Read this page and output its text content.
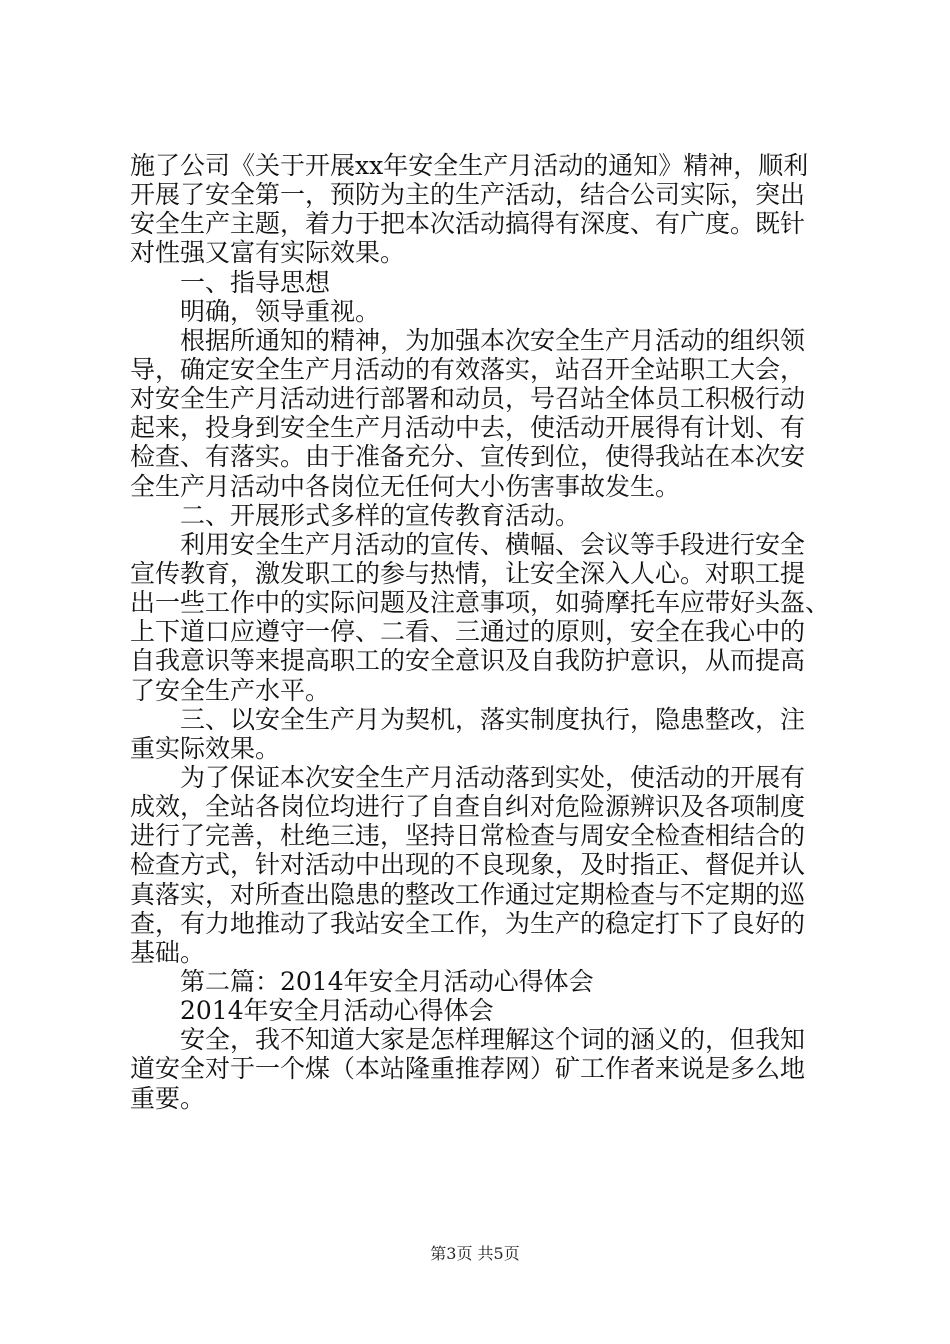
施了公司《关于开展xx年安全生产月活动的通知》精神，顺利
开展了安全第一，预防为主的生产活动，结合公司实际，突出
安全生产主题，着力于把本次活动搞得有深度、有广度。既针
对性强又富有实际效果。
一、指导思想
明确，领导重视。
根据所通知的精神，为加强本次安全生产月活动的组织领
导，确定安全生产月活动的有效落实，站召开全站职工大会，
对安全生产月活动进行部署和动员，号召站全体员工积极行动
起来，投身到安全生产月活动中去，使活动开展得有计划、有
检查、有落实。由于准备充分、宣传到位，使得我站在本次安
全生产月活动中各岗位无任何大小伤害事故发生。
二、开展形式多样的宣传教育活动。
利用安全生产月活动的宣传、横幅、会议等手段进行安全
宣传教育，激发职工的参与热情，让安全深入人心。对职工提
出一些工作中的实际问题及注意事项，如骑摩托车应带好头盔、
上下道口应遵守一停、二看、三通过的原则，安全在我心中的
自我意识等来提高职工的安全意识及自我防护意识，从而提高
了安全生产水平。
三、以安全生产月为契机，落实制度执行，隐患整改，注
重实际效果。
为了保证本次安全生产月活动落到实处，使活动的开展有
成效，全站各岗位均进行了自查自纠对危险源辨识及各项制度
进行了完善，杜绝三违，坚持日常检查与周安全检查相结合的
检查方式，针对活动中出现的不良现象，及时指正、督促并认
真落实，对所查出隐患的整改工作通过定期检查与不定期的巡
查，有力地推动了我站安全工作，为生产的稳定打下了良好的
基础。
第二篇：2014年安全月活动心得体会
2014年安全月活动心得体会
安全，我不知道大家是怎样理解这个词的涵义的，但我知
道安全对于一个煤（本站隆重推荐网）矿工作者来说是多么地
重要。
第3页 共5页
